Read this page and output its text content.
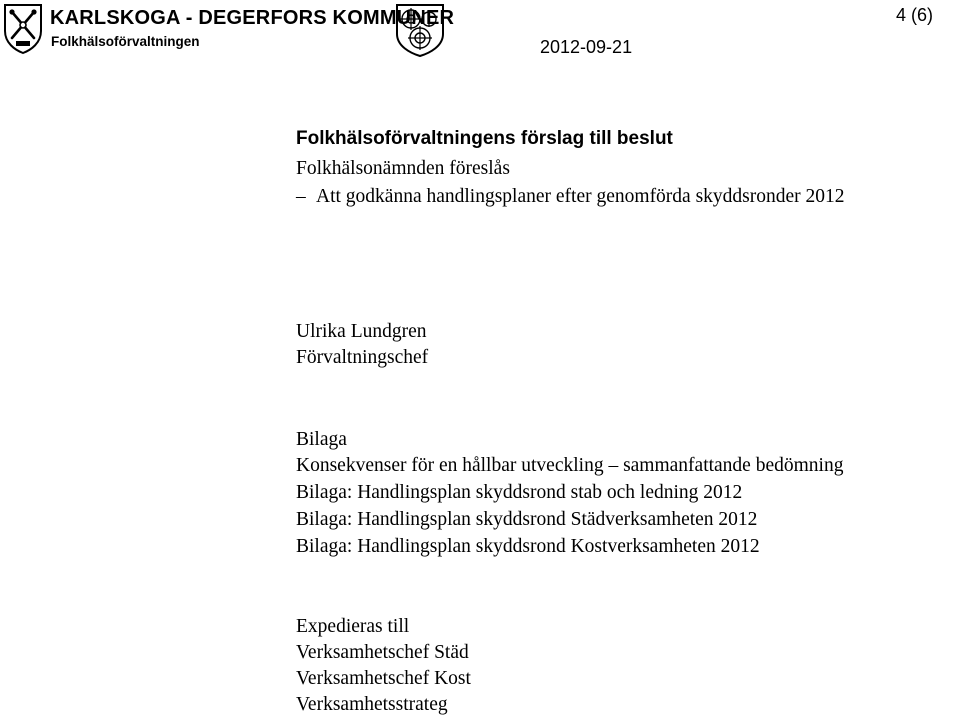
KARLSKOGA - DEGERFORS KOMMUNER
Folkhälsoförvaltningen	2012-09-21
4 (6)
Folkhälsoförvaltningens förslag till beslut
Folkhälsonämnden föreslås
– Att godkänna handlingsplaner efter genomförda skyddsronder 2012
Ulrika Lundgren
Förvaltningschef
Bilaga
Konsekvenser för en hållbar utveckling – sammanfattande bedömning
Bilaga: Handlingsplan skyddsrond stab och ledning 2012
Bilaga: Handlingsplan skyddsrond Städverksamheten 2012
Bilaga: Handlingsplan skyddsrond Kostverksamheten 2012
Expedieras till
Verksamhetschef Städ
Verksamhetschef Kost
Verksamhetsstrateg
